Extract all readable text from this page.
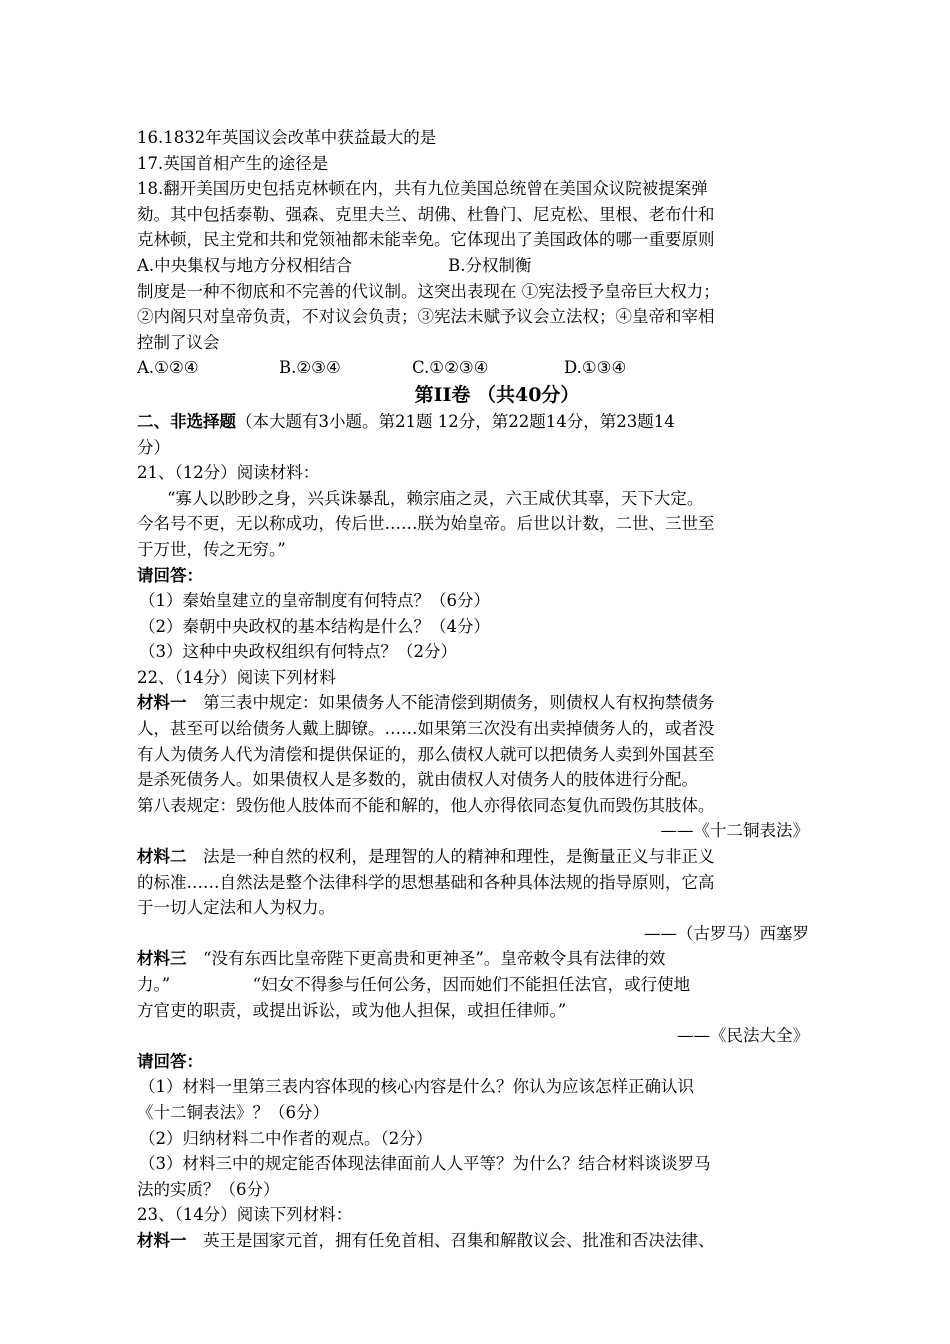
16.1832年英国议会改革中获益最大的是
17.英国首相产生的途径是
18.翻开美国历史包括克林顿在内，共有九位美国总统曾在美国众议院被提案弹
劾。其中包括泰勒、强森、克里夫兰、胡佛、杜鲁门、尼克松、里根、老布什和
克林顿，民主党和共和党领袖都未能幸免。它体现出了美国政体的哪一重要原则
A.中央集权与地方分权相结合	B.分权制衡
制度是一种不彻底和不完善的代议制。这突出表现在 ①宪法授予皇帝巨大权力；
②内阁只对皇帝负责，不对议会负责；③宪法未赋予议会立法权；④皇帝和宰相
控制了议会
A.①②④	B.②③④	C.①②③④	D.①③④
第II卷 （共40分）
二、非选择题（本大题有3小题。第21题 12分，第22题14分，第23题14
分）
21、（12分）阅读材料：
“寡人以眇眇之身，兴兵诛暴乱，赖宗庙之灵，六王咸伏其辜，天下大定。
今名号不更，无以称成功，传后世……朕为始皇帝。后世以计数，二世、三世至
于万世，传之无穷。”
请回答：
（1）秦始皇建立的皇帝制度有何特点？（6分）
（2）秦朝中央政权的基本结构是什么？（4分）
（3）这种中央政权组织有何特点？（2分）
22、（14分）阅读下列材料
材料一　第三表中规定：如果债务人不能清偿到期债务，则债权人有权拘禁债务
人，甚至可以给债务人戴上脚镣。……如果第三次没有出卖掉债务人的，或者没
有人为债务人代为清偿和提供保证的，那么债权人就可以把债务人卖到外国甚至
是杀死债务人。如果债权人是多数的，就由债权人对债务人的肢体进行分配。
第八表规定：毁伤他人肢体而不能和解的，他人亦得依同态复仇而毁伤其肢体。
——《十二铜表法》
材料二　法是一种自然的权利，是理智的人的精神和理性，是衡量正义与非正义
的标准……自然法是整个法律科学的思想基础和各种具体法规的指导原则，它高
于一切人定法和人为权力。
——（古罗马）西塞罗
材料三　“没有东西比皇帝陛下更高贵和更神圣”。皇帝敕令具有法律的效
力。”　　　　　“妇女不得参与任何公务，因而她们不能担任法官，或行使地
方官吏的职责，或提出诉讼，或为他人担保，或担任律师。”
——《民法大全》
请回答：
（1）材料一里第三表内容体现的核心内容是什么？你认为应该怎样正确认识
《十二铜表法》？（6分）
（2）归纳材料二中作者的观点。（2分）
（3）材料三中的规定能否体现法律面前人人平等？为什么？结合材料谈谈罗马
法的实质？（6分）
23、（14分）阅读下列材料：
材料一　英王是国家元首，拥有任免首相、召集和解散议会、批准和否决法律、
